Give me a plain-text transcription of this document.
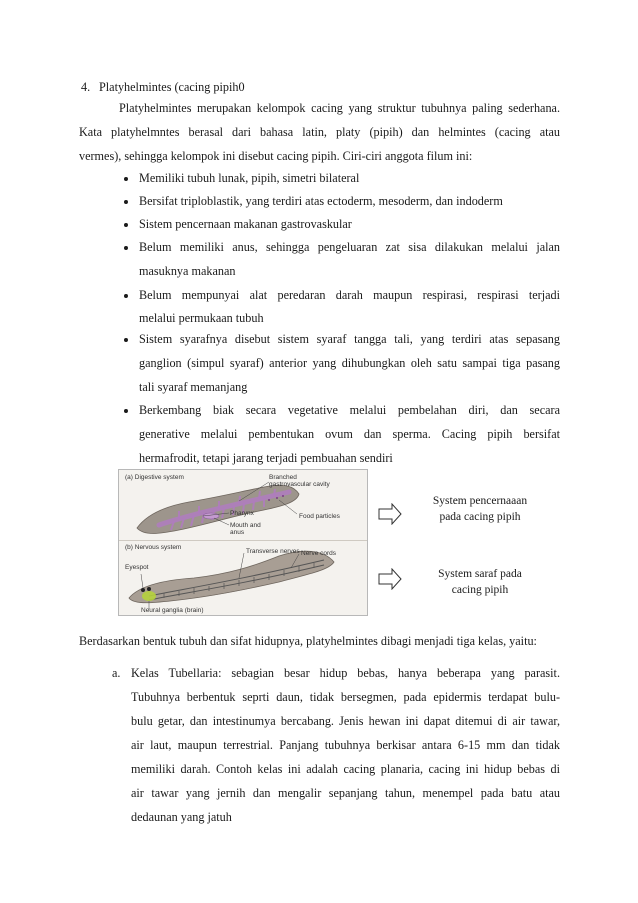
4. Platyhelmintes (cacing pipih0
Platyhelmintes merupakan kelompok cacing yang struktur tubuhnya paling sederhana.
Kata platyhelmntes berasal dari bahasa latin, platy (pipih) dan helmintes (cacing atau
vermes), sehingga kelompok ini disebut cacing pipih. Ciri-ciri anggota filum ini:
Memiliki tubuh lunak, pipih, simetri bilateral
Bersifat triploblastik, yang terdiri atas ectoderm, mesoderm, dan indoderm
Sistem pencernaan makanan gastrovaskular
Belum memiliki anus, sehingga pengeluaran zat sisa dilakukan melalui jalan
masuknya makanan
Belum mempunyai alat peredaran darah maupun respirasi, respirasi terjadi
melalui permukaan tubuh
Sistem syarafnya disebut sistem syaraf tangga tali, yang terdiri atas sepasang
ganglion (simpul syaraf) anterior yang dihubungkan oleh satu sampai tiga pasang
tali syaraf memanjang
Berkembang biak secara vegetative melalui pembelahan diri, dan secara
generative melalui pembentukan ovum dan sperma. Cacing pipih bersifat
hermafrodit, tetapi jarang terjadi pembuahan sendiri
(a) Digestive system	Branched
gastrovascular cavity
Pharynx
Mouth and
anus
Food particles
(b) Nervous system
Eyespot
Transverse nerves Nerve cords
Neural ganglia (brain)
System pencernaaan
pada cacing pipih
System saraf pada
cacing pipih
Berdasarkan bentuk tubuh dan sifat hidupnya, platyhelmintes dibagi menjadi tiga kelas, yaitu:
a. Kelas Tubellaria: sebagian besar hidup bebas, hanya beberapa yang parasit.
Tubuhnya berbentuk seprti daun, tidak bersegmen, pada epidermis terdapat bulu-
bulu getar, dan intestinumya bercabang. Jenis hewan ini dapat ditemui di air tawar,
air laut, maupun terrestrial. Panjang tubuhnya berkisar antara 6-15 mm dan tidak
memiliki darah. Contoh kelas ini adalah cacing planaria, cacing ini hidup bebas di
air tawar yang jernih dan mengalir sepanjang tahun, menempel pada batu atau
dedaunan yang jatuh
